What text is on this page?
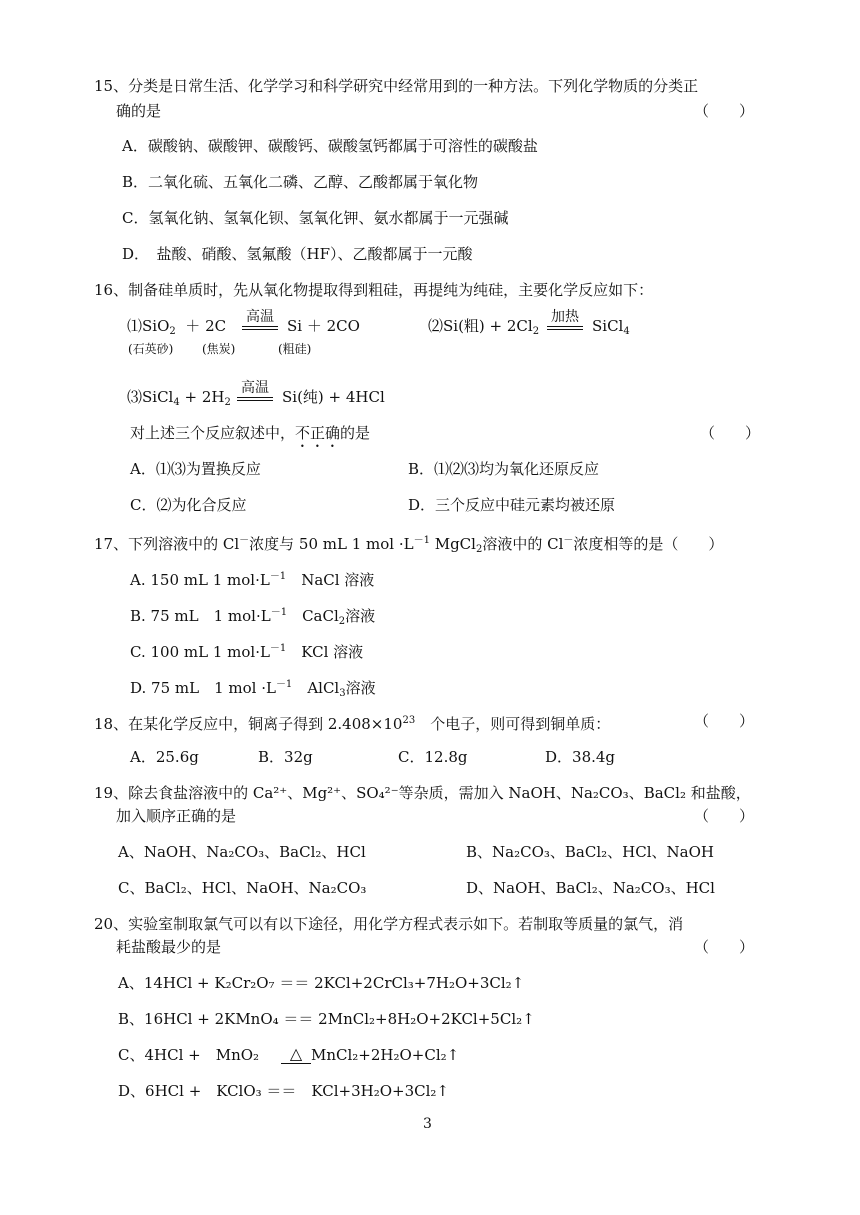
15、分类是日常生活、化学学习和科学研究中经常用到的一种方法。下列化学物质的分类正
确的是	（　　）
A．碳酸钠、碳酸钾、碳酸钙、碳酸氢钙都属于可溶性的碳酸盐
B．二氧化硫、五氧化二磷、乙醇、乙酸都属于氧化物
C．氢氧化钠、氢氧化钡、氢氧化钾、氨水都属于一元强碱
D．　盐酸、硝酸、氢氟酸（HF）、乙酸都属于一元酸
16、制备硅单质时，先从氧化物提取得到粗硅，再提纯为纯硅，主要化学反应如下：
⑴SiO$_2$ ＋ 2C 高温 Si ＋ 2CO
(石英砂) (焦炭)	(粗硅)
⑵Si(粗) + $2Cl_2$
加热 SiCl$_4$
⑶SiCl$_4$ + $2H_2$
高温 Si(纯) + 4HCl
对上述三个反应叙述中，不正确的是	（　　）
A．⑴⑶为置换反应	B．⑴⑵⑶均为氧化还原反应
C．⑵为化合反应	D．三个反应中硅元素均被还原
17、下列溶液中的 Cl－浓度与 50 mL 1 mol $\cdot L^{-1}$ MgCl$_2$溶液中的 Cl－浓度相等的是（　　）
A. 150 mL 1 $mol\cdot L^{-1}$　NaCl 溶液
B. 75 mL　1 $mol\cdot L^{-1}$　CaCl$_2$溶液
C. 100 mL 1 $mol\cdot L^{-1}$　KCl 溶液
D. 75 mL　1 mol $\cdot L^{-1}$　AlCl$_3$溶液
18、在某化学反应中，铜离子得到 $2.408\times 10^{23}$　个电子，则可得到铜单质：	（　　）
A．25.6g	B．32g	C．12.8g	D．38.4g
19、除去食盐溶液中的 Ca²⁺、Mg²⁺、SO₄²⁻等杂质，需加入 NaOH、Na₂CO₃、BaCl₂ 和盐酸，
加入顺序正确的是	（　　）
A、NaOH、Na₂CO₃、BaCl₂、HCl	B、Na₂CO₃、BaCl₂、HCl、NaOH
C、BaCl₂、HCl、NaOH、Na₂CO₃	D、NaOH、BaCl₂、Na₂CO₃、HCl
20、实验室制取氯气可以有以下途径，用化学方程式表示如下。若制取等质量的氯气，消
耗盐酸最少的是	（　　）
A、14HCl + K₂Cr₂O₇ ＝＝ 2KCl+2CrCl₃+7H₂O+3Cl₂↑
B、16HCl + 2KMnO₄ ＝＝ 2MnCl₂+8H₂O+2KCl+5Cl₂↑
C、4HCl +　MnO₂	△ MnCl₂+2H₂O+Cl₂↑
D、6HCl +　KClO₃ ＝＝　KCl+3H₂O+3Cl₂↑
3
